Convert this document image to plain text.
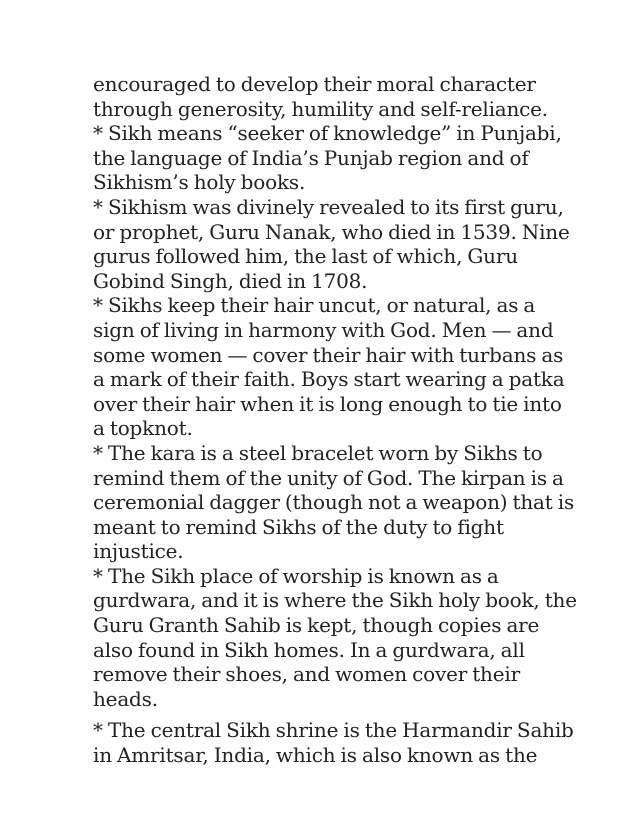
encouraged to develop their moral character
through generosity, humility and self-reliance.
* Sikh means “seeker of knowledge” in Punjabi,
the language of India’s Punjab region and of
Sikhism’s holy books.
* Sikhism was divinely revealed to its first guru,
or prophet, Guru Nanak, who died in 1539. Nine
gurus followed him, the last of which, Guru
Gobind Singh, died in 1708.
* Sikhs keep their hair uncut, or natural, as a
sign of living in harmony with God. Men — and
some women — cover their hair with turbans as
a mark of their faith. Boys start wearing a patka
over their hair when it is long enough to tie into
a topknot.
* The kara is a steel bracelet worn by Sikhs to
remind them of the unity of God. The kirpan is a
ceremonial dagger (though not a weapon) that is
meant to remind Sikhs of the duty to fight
injustice.
* The Sikh place of worship is known as a
gurdwara, and it is where the Sikh holy book, the
Guru Granth Sahib is kept, though copies are
also found in Sikh homes. In a gurdwara, all
remove their shoes, and women cover their
heads.
* The central Sikh shrine is the Harmandir Sahib
in Amritsar, India, which is also known as the
